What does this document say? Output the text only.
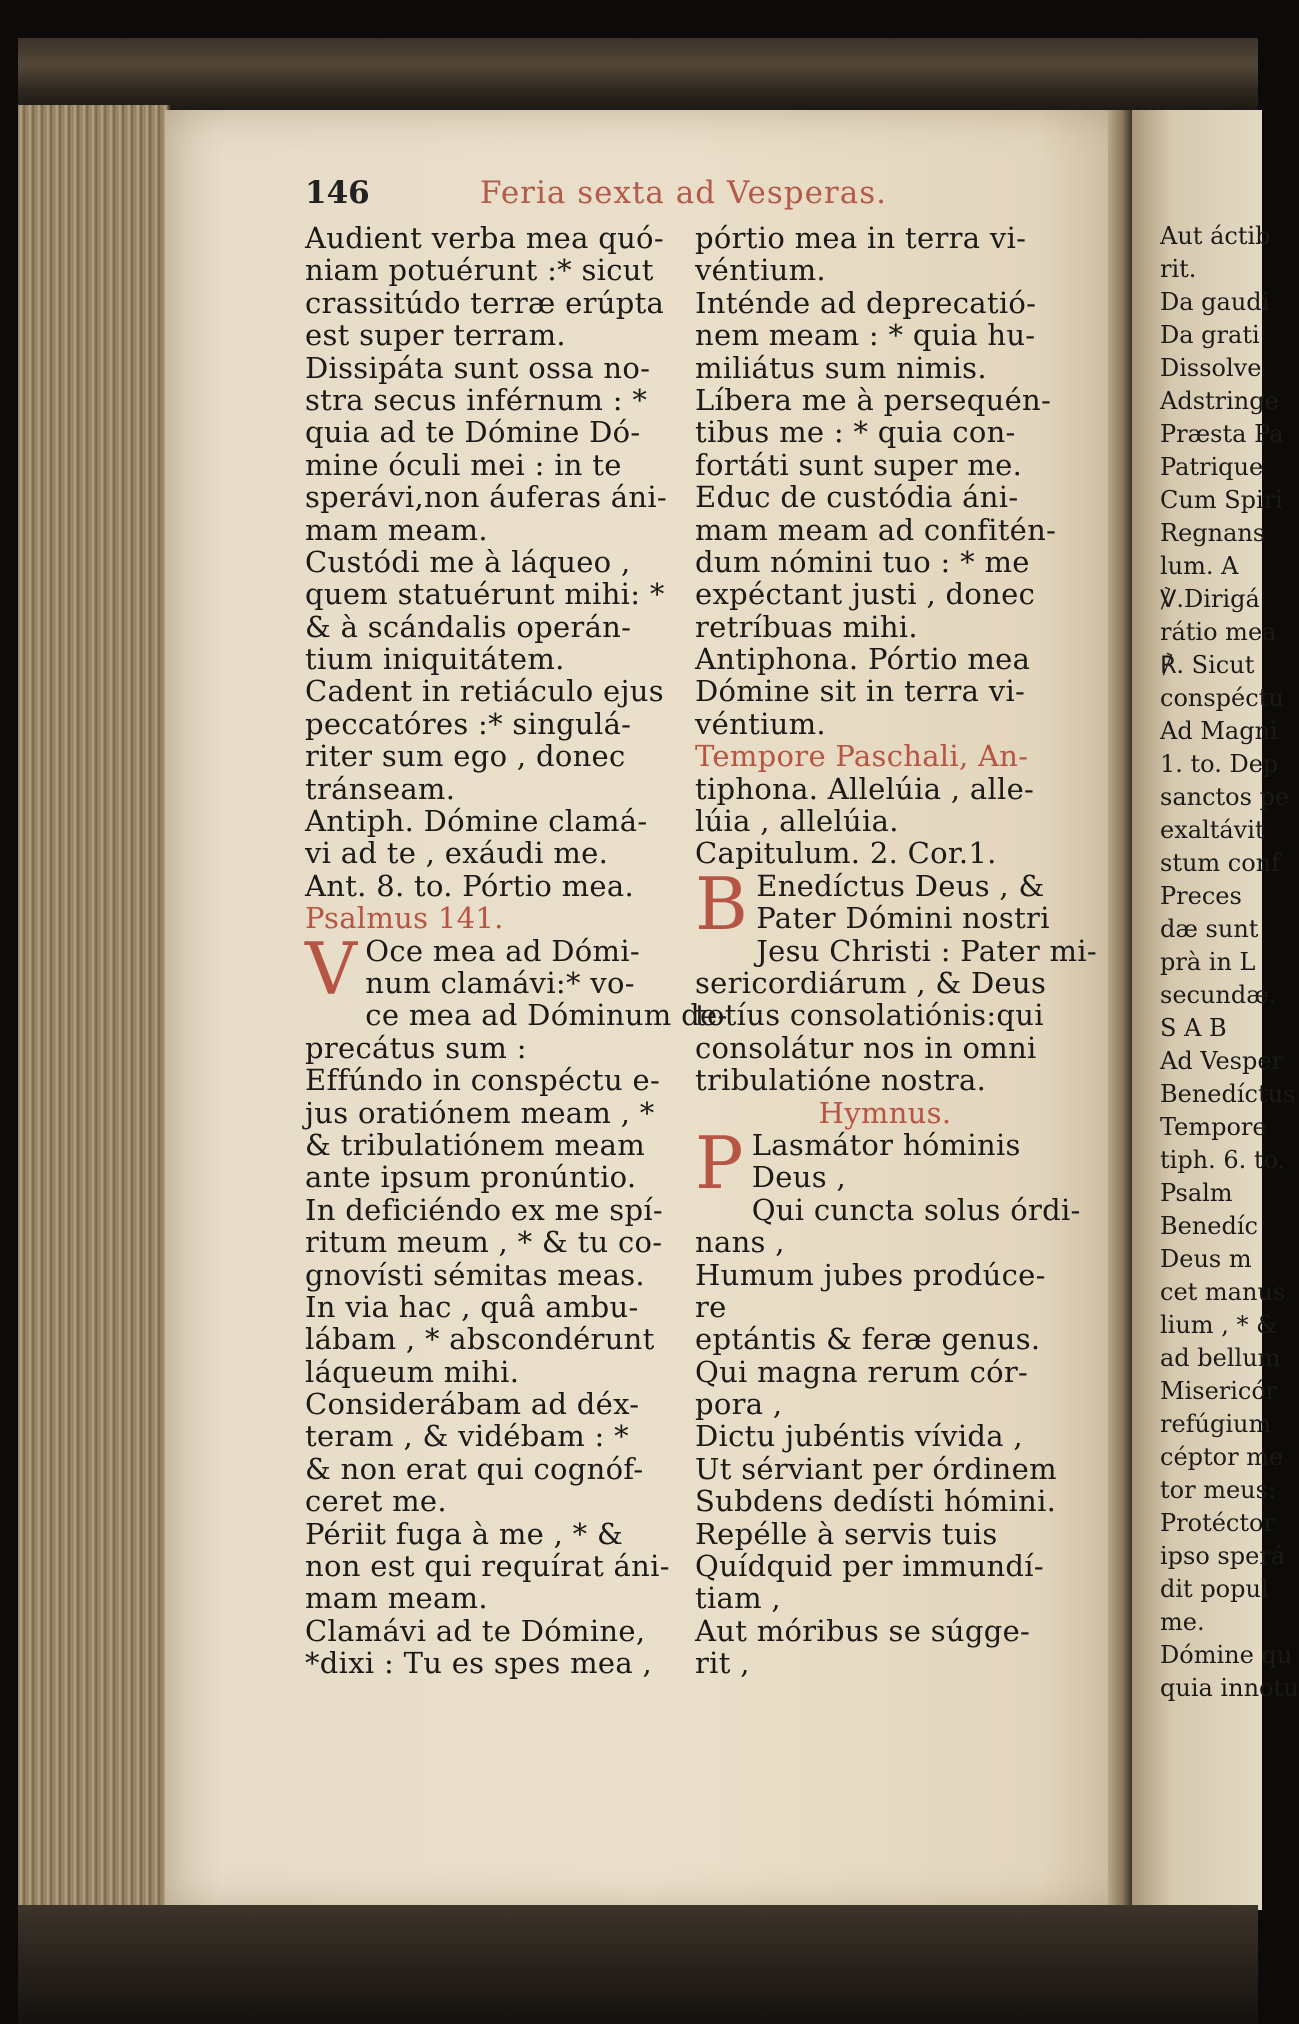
146	Feria sexta ad Vesperas.
Audient verba mea quó-
niam potuérunt :* sicut
crassitúdo terræ erúpta
est super terram.
Dissipáta sunt ossa no-
stra secus inférnum : *
quia ad te Dómine Dó-
mine óculi mei : in te
sperávi,non áuferas áni-
mam meam.
Custódi me à láqueo ,
quem statuérunt mihi: *
& à scándalis operán-
tium iniquitátem.
Cadent in retiáculo ejus
peccatóres :* singulá-
riter sum ego , donec
tránseam.
Antiph. Dómine clamá-
vi ad te , exáudi me.
Ant. 8. to. Pórtio mea.
Psalmus 141.
V Oce mea ad Dómi-
num clamávi:* vo-
ce mea ad Dóminum de-
precátus sum :
Effúndo in conspéctu e-
jus oratiónem meam , *
& tribulatiónem meam
ante ipsum pronúntio.
In deficiéndo ex me spí-
ritum meum , * & tu co-
gnovísti sémitas meas.
In via hac , quâ ambu-
lábam , * abscondérunt
láqueum mihi.
Considerábam ad déx-
teram , & vidébam : *
& non erat qui cognóf-
ceret me.
Périit fuga à me , * &
non est qui requírat áni-
mam meam.
Clamávi ad te Dómine,
*dixi : Tu es spes mea ,
pórtio mea in terra vi-
véntium.
Inténde ad deprecatió-
nem meam : * quia hu-
miliátus sum nimis.
Líbera me à persequén-
tibus me : * quia con-
fortáti sunt super me.
Educ de custódia áni-
mam meam ad confitén-
dum nómini tuo : * me
expéctant justi , donec
retríbuas mihi.
Antiphona. Pórtio mea
Dómine sit in terra vi-
véntium.
Tempore Paschali, An-
tiphona. Allelúia , alle-
lúia , allelúia.
Capitulum. 2. Cor.1.
B Enedíctus Deus , &
Pater Dómini nostri
Jesu Christi : Pater mi-
sericordiárum , & Deus
totíus consolatiónis:qui
consolátur nos in omni
tribulatióne nostra.
Hymnus.
P Lasmátor hóminis
Deus ,
Qui cuncta solus órdi-
nans ,
Humum jubes prodúce-
re
eptántis & feræ genus.
Qui magna rerum cór-
pora ,
Dictu jubéntis vívida ,
Ut sérviant per órdinem
Subdens dedísti hómini.
Repélle à servis tuis
Quídquid per immundí-
tiam ,
Aut móribus se súgge-
rit ,
Aut áctib
rit.
Da gaudi
Da grati
Dissolve
Adstringe
Præsta Pa
Patrique
Cum Spiri
Regnans
lum. A
℣.Dirigá
rátio mea
℟. Sicut
conspéctu
Ad Magni
1. to. Dep
sanctos pe
exaltávit
stum conf
Preces
dæ sunt
prà in L
secundæ.
S A B
Ad Vesper
Benedíctus
Tempore
tiph. 6. to.
Psalm
Benedíc
Deus m
cet manus
lium , * &
ad bellum
Misericór
refúgium
céptor me
tor meus:
Protéctor
ipso sperá
dit popul
me.
Dómine qu
quia innotu
